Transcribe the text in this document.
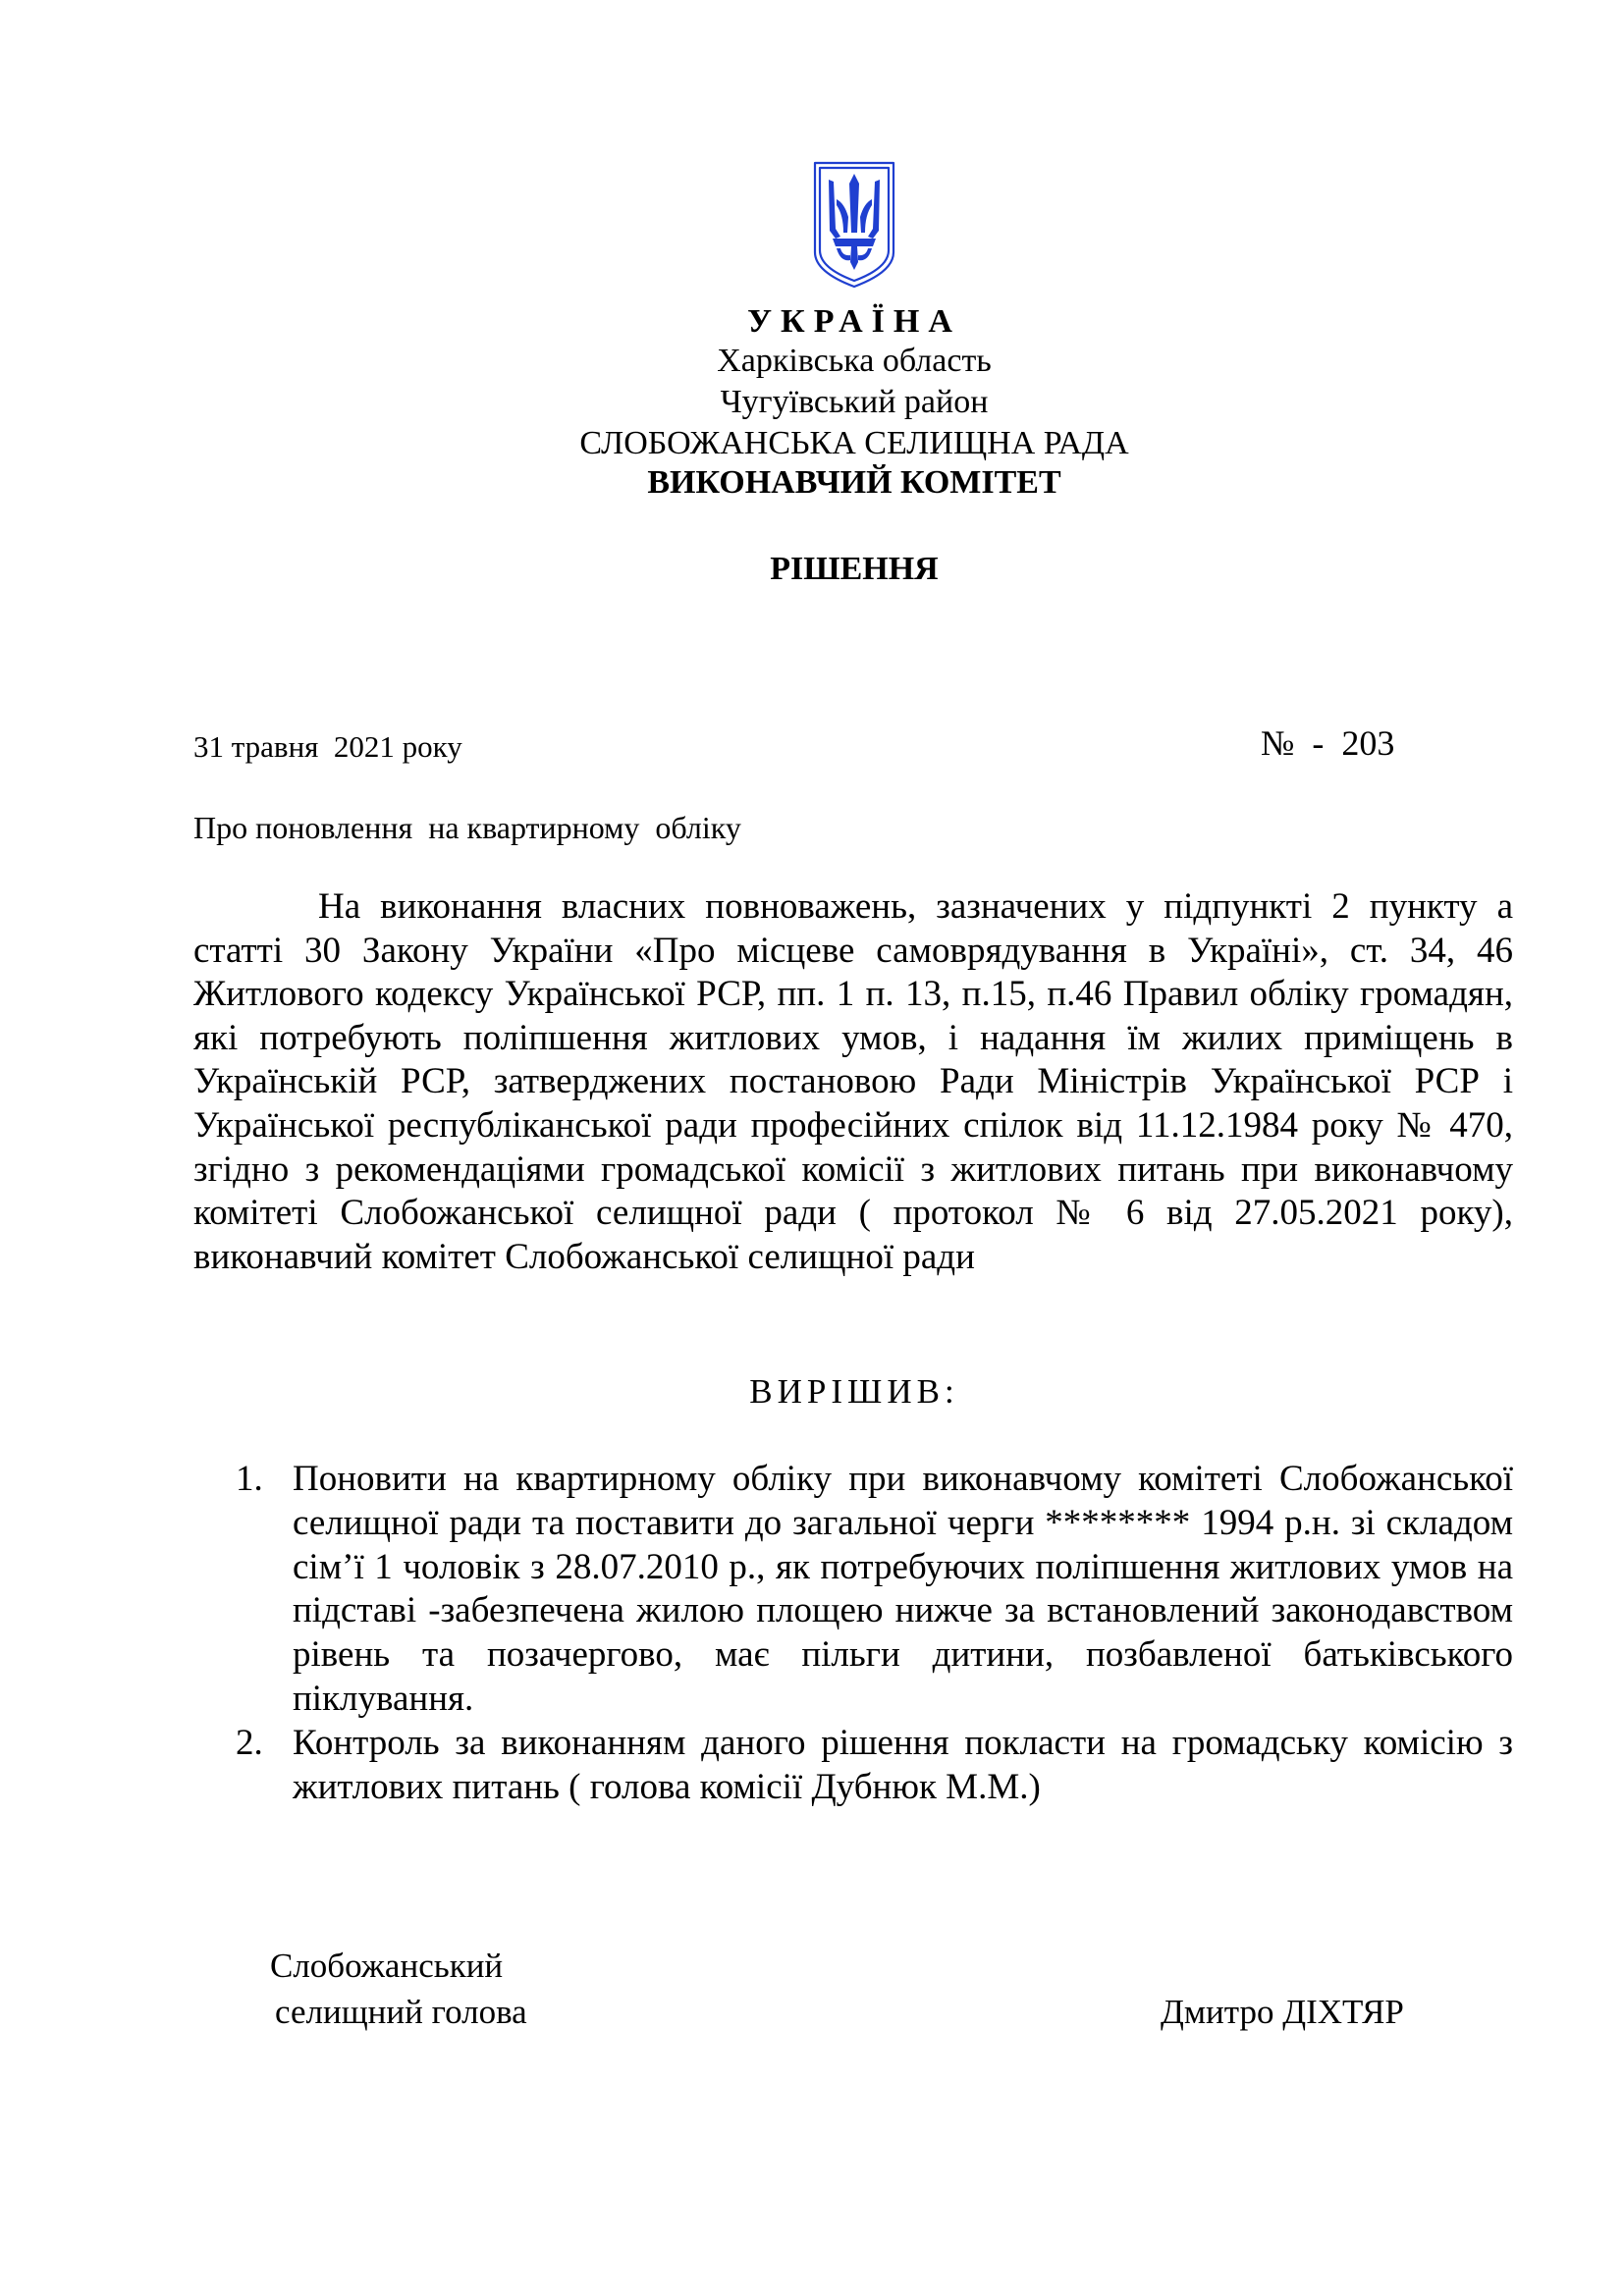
УКРАЇНА
Харківська область
Чугуївський район
СЛОБОЖАНСЬКА СЕЛИЩНА РАДА
ВИКОНАВЧИЙ КОМІТЕТ
РІШЕННЯ
31 травня  2021 року	№  -  203
Про поновлення  на квартирному  обліку
На виконання власних повноважень, зазначених у підпункті 2 пункту а статті 30 Закону України «Про місцеве самоврядування в Україні», ст. 34, 46 Житлового кодексу Української РСР, пп. 1 п. 13, п.15, п.46 Правил обліку громадян, які потребують поліпшення житлових умов, і надання їм жилих приміщень в Українській РСР, затверджених постановою Ради Міністрів Української РСР і Української республіканської ради професійних спілок від 11.12.1984 року № 470, згідно з рекомендаціями громадської комісії з житлових питань при виконавчому комітеті Слобожанської селищної ради ( протокол № 6 від 27.05.2021 року), виконавчий комітет Слобожанської селищної ради
ВИРІШИВ:
1. Поновити на квартирному обліку при виконавчому комітеті Слобожанської селищної ради та поставити до загальної черги ******** 1994 р.н. зі складом сім’ї 1 чоловік з 28.07.2010 р., як потребуючих поліпшення житлових умов на підставі -забезпечена жилою площею нижче за встановлений законодавством рівень та позачергово, має пільги дитини, позбавленої батьківського піклування.
2. Контроль за виконанням даного рішення покласти на громадську комісію з житлових питань ( голова комісії Дубнюк М.М.)
Слобожанський
селищний голова	Дмитро ДІХТЯР
